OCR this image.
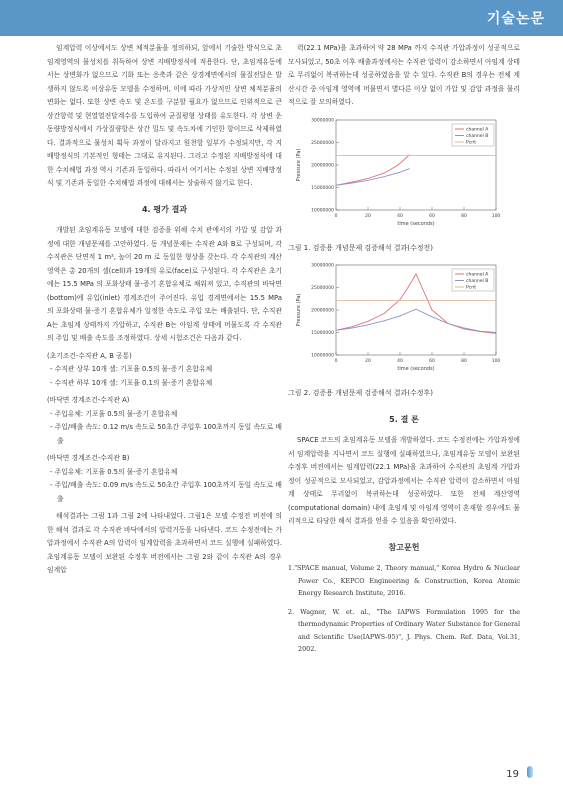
기술논문

임계압력 이상에서도 상변 체적분율을 정의하되, 앞에서 기술한 방식으로 초임계영역의 물성치를 취득하여 상변 지배방정식에 적용한다. 단, 초임계유동에서는 상변화가 없으므로 기화 또는 응축과 같은 상경계면에서의 물질전달은 발생하지 않도록 이상유동 모델을 수정하며, 이에 따라 가상적인 상변 체적분율의 변화는 없다. 또한 상변 속도 및 온도를 구분할 필요가 없으므로 인위적으로 큰 상간항력 및 현열열전달계수를 도입하여 균질평형 상태를 유도한다. 각 상변 운동량방정식에서 가상질량항은 상간 밀도 및 속도차에 기인한 항이므로 삭제하였다. 결과적으로 물성치 획득 과정이 달라지고 원천항 일부가 수정되지만, 각 지배방정식의 기본적인 형태는 그대로 유지된다. 그리고 수정된 지배방정식에 대한 수치해법 과정 역시 기존과 동일하다. 따라서 여기서는 수정된 상변 지배방정식 및 기존과 동일한 수치해법 과정에 대해서는 상술하지 않기로 한다.

4. 평가 결과

개발된 초임계유동 모델에 대한 검증을 위해 수치 관에서의 가압 및 감압 과정에 대한 개념문제를 고안하였다. 동 개념문제는 수직관 A와 B로 구성되며, 각 수직관은 단면적 1 m², 높이 20 m 로 동일한 형상을 갖는다. 각 수직관의 계산영역은 총 20개의 셀(cell)과 19개의 유로(face)로 구성된다. 각 수직관은 초기에는 15.5 MPa 의 포화상태 물-증기 혼합유체로 채워져 있고, 수직관의 바닥면(bottom)에 유입(inlet) 경계조건이 주어진다. 유입 경계면에서는 15.5 MPa 의 포화상태 물-증기 혼합유체가 일정한 속도로 주입 또는 배출된다. 단, 수직관 A는 초임계 상태까지 가압하고, 수직관 B는 아임계 상태에 머물도록 각 수직관의 주입 및 배출 속도를 조정하였다. 상세 시험조건은 다음과 같다.

(초기조건-수직관 A, B 공통)
- 수직관 상부 10개 셀: 기포율 0.5의 물-증기 혼합유체
- 수직관 하부 10개 셀: 기포율 0.1의 물-증기 혼합유체
(바닥면 경계조건-수직관 A)
- 주입유체: 기포율 0.5의 물-증기 혼합유체
- 주입/배출 속도: 0.12 m/s 속도로 50초간 주입후 100초까지 동일 속도로 배출
(바닥면 경계조건-수직관 B)
- 주입유체: 기포율 0.5의 물-증기 혼합유체
- 주입/배출 속도: 0.09 m/s 속도로 50초간 주입후 100초까지 동일 속도로 배출

해석결과는 그림 1과 그림 2에 나타내었다. 그림1은 모델 수정전 버전에 의한 해석 결과로 각 수직관 바닥에서의 압력거동을 나타낸다. 코드 수정전에는 가압과정에서 수직관 A의 압력이 임계압력을 초과하면서 코드 실행에 실패하였다. 초임계유동 모델이 보완된 수정후 버전에서는 그림 2와 같이 수직관 A의 경우 임계압

력(22.1 MPa)을 초과하여 약 28 MPa 까지 수직관 가압과정이 성공적으로 모사되었고, 50초 이후 배출과정에서는 수직관 압력이 감소하면서 아임계 상태로 무리없이 복귀하는데 성공하였음을 알 수 있다. 수직관 B의 경우는 전체 계산시간 중 아임계 영역에 머물면서 별다른 이상 없이 가압 및 감압 과정을 물리적으로 잘 모의하였다.

10000000
15000000
20000000
25000000
30000000
0	20	40	60	80	100
time (seconds)
Pressure (Pa)
channel A
channel B
Pcrit
그림 1. 검증용 개념문제 검증해석 결과(수정전)
10000000
15000000
20000000
25000000
30000000
0	20	40	60	80	100
time (seconds)
Pressure (Pa)
channel A
channel B
Pcrit
그림 2. 검증용 개념문제 검증해석 결과(수정후)
5. 결 론

SPACE 코드의 초임계유동 모델을 개발하였다. 코드 수정전에는 가압과정에서 임계압력을 지나면서 코드 실행에 실패하였으나, 초임계유동 모델이 보완된 수정후 버전에서는 임계압력(22.1 MPa)을 초과하여 수직관의 초임계 가압과정이 성공적으로 모사되었고, 감압과정에서는 수직관 압력이 감소하면서 아임계 상태로 무리없이 복귀하는데 성공하였다. 또한 전체 계산영역(computational domain) 내에 초임계 및 아임계 영역이 혼재할 경우에도 물리적으로 타당한 해석 결과를 얻을 수 있음을 확인하였다.

참고문헌
1."SPACE manual, Volume 2, Theory manual," Korea Hydro & Nuclear Power Co., KEPCO Engineering & Construction, Korea Atomic Energy Research Institute, 2016.
2. Wagner, W. et. al., "The IAPWS Formulation 1995 for the thermodynamic Properties of Ordinary Water Substance for General and Scientific Use(IAPWS-95)", J. Phys. Chem. Ref. Data, Vol.31, 2002.
19
